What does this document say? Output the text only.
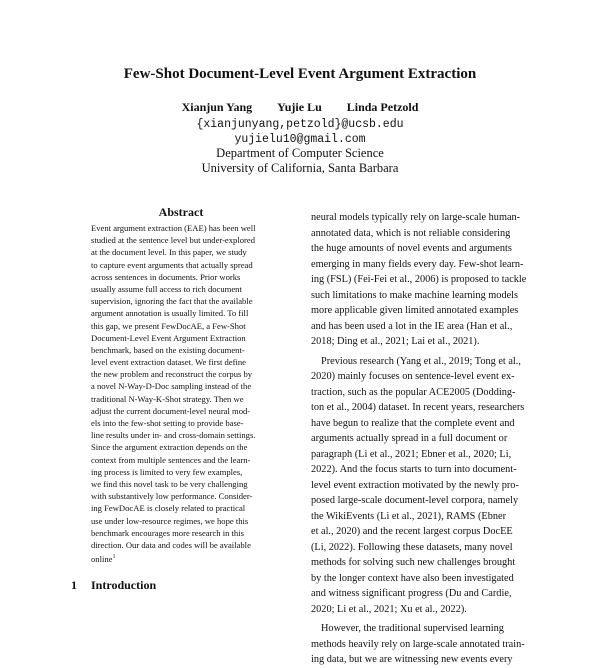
Few-Shot Document-Level Event Argument Extraction
Xianjun Yang Yujie Lu Linda Petzold
{xianjunyang,petzold}@ucsb.edu
yujielu10@gmail.com
Department of Computer Science
University of California, Santa Barbara
Abstract
Event argument extraction (EAE) has been well
studied at the sentence level but under-explored
at the document level. In this paper, we study
to capture event arguments that actually spread
across sentences in documents. Prior works
usually assume full access to rich document
supervision, ignoring the fact that the available
argument annotation is usually limited. To fill
this gap, we present FewDocAE, a Few-Shot
Document-Level Event Argument Extraction
benchmark, based on the existing document-
level event extraction dataset. We first define
the new problem and reconstruct the corpus by
a novel N-Way-D-Doc sampling instead of the
traditional N-Way-K-Shot strategy. Then we
adjust the current document-level neural mod-
els into the few-shot setting to provide base-
line results under in- and cross-domain settings.
Since the argument extraction depends on the
context from multiple sentences and the learn-
ing process is limited to very few examples,
we find this novel task to be very challenging
with substantively low performance. Consider-
ing FewDocAE is closely related to practical
use under low-resource regimes, we hope this
benchmark encourages more research in this
direction. Our data and codes will be available
online$^1$
1 Introduction
neural models typically rely on large-scale human-
annotated data, which is not reliable considering
the huge amounts of novel events and arguments
emerging in many fields every day. Few-shot learn-
ing (FSL) (Fei-Fei et al., 2006) is proposed to tackle
such limitations to make machine learning models
more applicable given limited annotated examples
and has been used a lot in the IE area (Han et al.,
2018; Ding et al., 2021; Lai et al., 2021).
Previous research (Yang et al., 2019; Tong et al.,
2020) mainly focuses on sentence-level event ex-
traction, such as the popular ACE2005 (Dodding-
ton et al., 2004) dataset. In recent years, researchers
have begun to realize that the complete event and
arguments actually spread in a full document or
paragraph (Li et al., 2021; Ebner et al., 2020; Li,
2022). And the focus starts to turn into document-
level event extraction motivated by the newly pro-
posed large-scale document-level corpora, namely
the WikiEvents (Li et al., 2021), RAMS (Ebner
et al., 2020) and the recent largest corpus DocEE
(Li, 2022). Following these datasets, many novel
methods for solving such new challenges brought
by the longer context have also been investigated
and witness significant progress (Du and Cardie,
2020; Li et al., 2021; Xu et al., 2022).
However, the traditional supervised learning
methods heavily rely on large-scale annotated train-
ing data, but we are witnessing new events every
